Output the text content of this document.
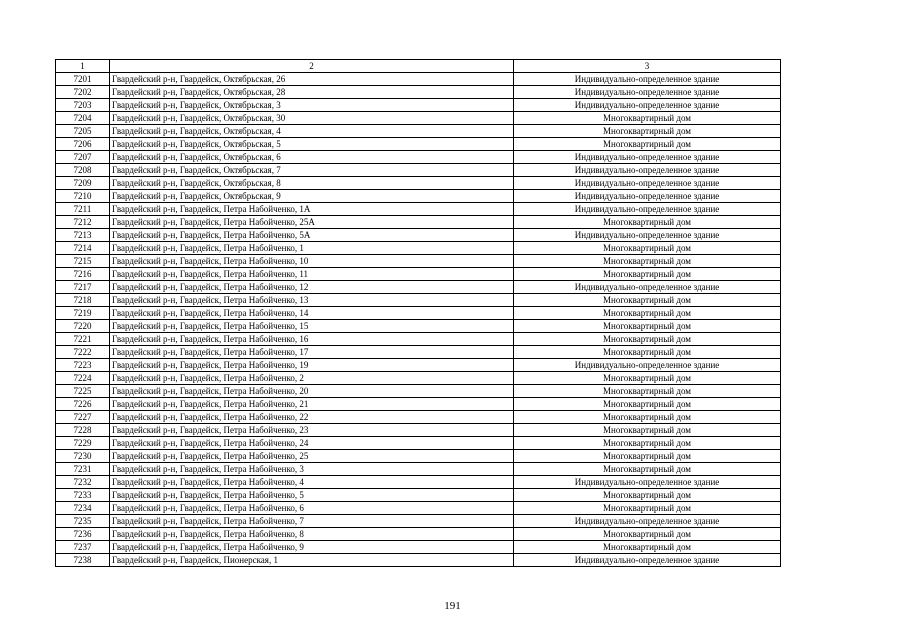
1	2	3
7201	Гвардейский р-н, Гвардейск, Октябрьская, 26	Индивидуально-определенное здание
7202	Гвардейский р-н, Гвардейск, Октябрьская, 28	Индивидуально-определенное здание
7203	Гвардейский р-н, Гвардейск, Октябрьская, 3	Индивидуально-определенное здание
7204	Гвардейский р-н, Гвардейск, Октябрьская, 30	Многоквартирный дом
7205	Гвардейский р-н, Гвардейск, Октябрьская, 4	Многоквартирный дом
7206	Гвардейский р-н, Гвардейск, Октябрьская, 5	Многоквартирный дом
7207	Гвардейский р-н, Гвардейск, Октябрьская, 6	Индивидуально-определенное здание
7208	Гвардейский р-н, Гвардейск, Октябрьская, 7	Индивидуально-определенное здание
7209	Гвардейский р-н, Гвардейск, Октябрьская, 8	Индивидуально-определенное здание
7210	Гвардейский р-н, Гвардейск, Октябрьская, 9	Индивидуально-определенное здание
7211	Гвардейский р-н, Гвардейск, Петра Набойченко, 1А	Индивидуально-определенное здание
7212	Гвардейский р-н, Гвардейск, Петра Набойченко, 25А	Многоквартирный дом
7213	Гвардейский р-н, Гвардейск, Петра Набойченко, 5А	Индивидуально-определенное здание
7214	Гвардейский р-н, Гвардейск, Петра Набойченко, 1	Многоквартирный дом
7215	Гвардейский р-н, Гвардейск, Петра Набойченко, 10	Многоквартирный дом
7216	Гвардейский р-н, Гвардейск, Петра Набойченко, 11	Многоквартирный дом
7217	Гвардейский р-н, Гвардейск, Петра Набойченко, 12	Индивидуально-определенное здание
7218	Гвардейский р-н, Гвардейск, Петра Набойченко, 13	Многоквартирный дом
7219	Гвардейский р-н, Гвардейск, Петра Набойченко, 14	Многоквартирный дом
7220	Гвардейский р-н, Гвардейск, Петра Набойченко, 15	Многоквартирный дом
7221	Гвардейский р-н, Гвардейск, Петра Набойченко, 16	Многоквартирный дом
7222	Гвардейский р-н, Гвардейск, Петра Набойченко, 17	Многоквартирный дом
7223	Гвардейский р-н, Гвардейск, Петра Набойченко, 19	Индивидуально-определенное здание
7224	Гвардейский р-н, Гвардейск, Петра Набойченко, 2	Многоквартирный дом
7225	Гвардейский р-н, Гвардейск, Петра Набойченко, 20	Многоквартирный дом
7226	Гвардейский р-н, Гвардейск, Петра Набойченко, 21	Многоквартирный дом
7227	Гвардейский р-н, Гвардейск, Петра Набойченко, 22	Многоквартирный дом
7228	Гвардейский р-н, Гвардейск, Петра Набойченко, 23	Многоквартирный дом
7229	Гвардейский р-н, Гвардейск, Петра Набойченко, 24	Многоквартирный дом
7230	Гвардейский р-н, Гвардейск, Петра Набойченко, 25	Многоквартирный дом
7231	Гвардейский р-н, Гвардейск, Петра Набойченко, 3	Многоквартирный дом
7232	Гвардейский р-н, Гвардейск, Петра Набойченко, 4	Индивидуально-определенное здание
7233	Гвардейский р-н, Гвардейск, Петра Набойченко, 5	Многоквартирный дом
7234	Гвардейский р-н, Гвардейск, Петра Набойченко, 6	Многоквартирный дом
7235	Гвардейский р-н, Гвардейск, Петра Набойченко, 7	Индивидуально-определенное здание
7236	Гвардейский р-н, Гвардейск, Петра Набойченко, 8	Многоквартирный дом
7237	Гвардейский р-н, Гвардейск, Петра Набойченко, 9	Многоквартирный дом
7238	Гвардейский р-н, Гвардейск, Пионерская, 1	Индивидуально-определенное здание
191
